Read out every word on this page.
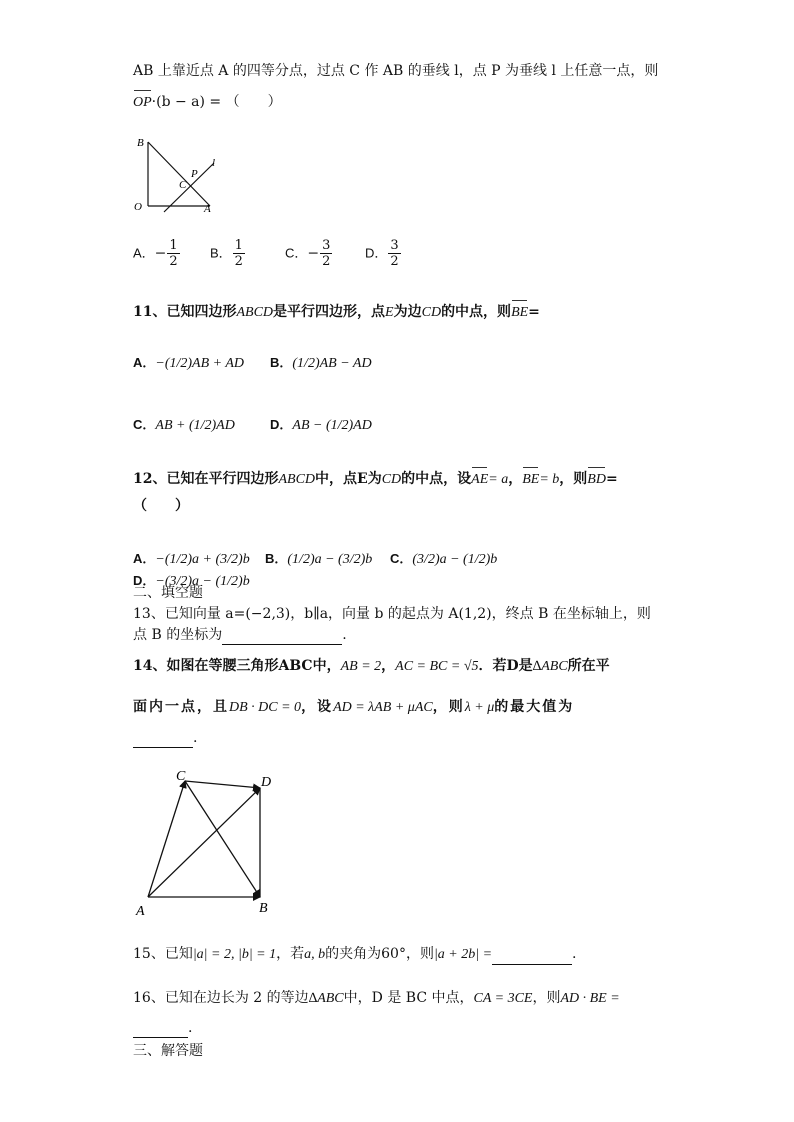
AB 上靠近点 A 的四等分点，过点 C 作 AB 的垂线 l，点 P 为垂线 l 上任意一点，则
OP·(b − a) = （　　）
B
O	A
C
P
l
A．− $\frac{1}{2}$ B． $\frac{1}{2}$	C．− $\frac{3}{2}$	D． $\frac{3}{2}$
11、已知四边形ABCD是平行四边形，点E为边CD的中点，则BE=
A．−(1/2)AB + AD B．(1/2)AB − AD
C．AB + (1/2)AD	D．AB − (1/2)AD
12、已知在平行四边形ABCD中，点E为CD的中点，设AE= a，BE= b，则BD=
（　　）
A．−(1/2)a + (3/2)b B．(1/2)a − (3/2)b C．(3/2)a − (1/2)b
D．−(3/2)a − (1/2)b
二、填空题
13、已知向量 a=(−2,3)，b∥a，向量 b 的起点为 A(1,2)，终点 B 在坐标轴上，则
点 B 的坐标为	.
14、如图在等腰三角形ABC中，AB = 2，AC = BC = √5．若D是∆ABC所在平
面内一点，且DB · DC = 0，设AD = λAB + μAC，则λ + μ的最大值为
.
A	B
C	D
15、已知|a| = 2, |b| = 1，若a, b的夹角为60°，则|a + 2b| =	.
16、已知在边长为 2 的等边∆ABC中，D 是 BC 中点，CA = 3CE，则AD · BE =
.
三、解答题
